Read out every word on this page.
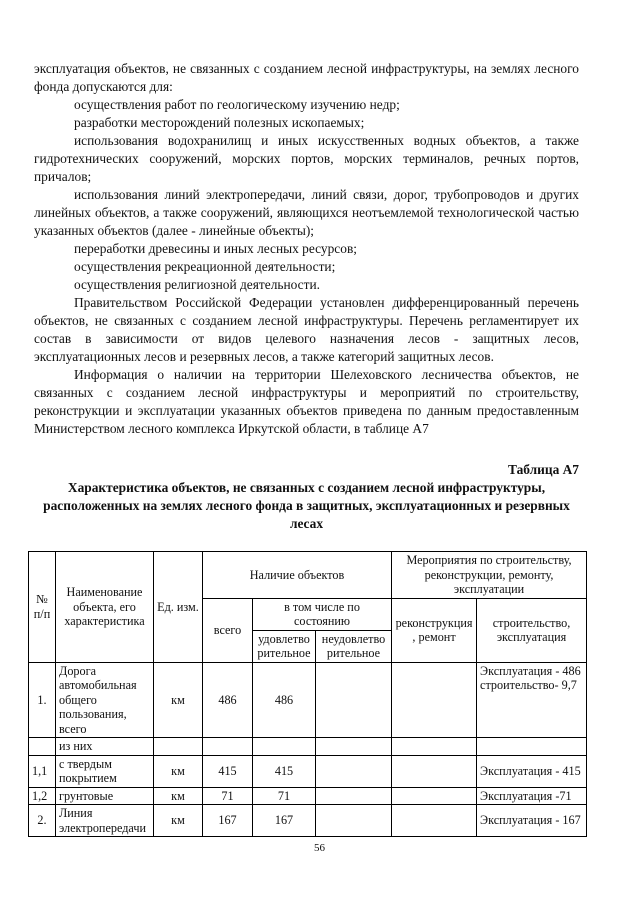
эксплуатация объектов, не связанных с созданием лесной инфраструктуры, на землях лесного фонда допускаются для:

осуществления работ по геологическому изучению недр;

разработки месторождений полезных ископаемых;

использования водохранилищ и иных искусственных водных объектов, а также гидротехнических сооружений, морских портов, морских терминалов, речных портов, причалов;

использования линий электропередачи, линий связи, дорог, трубопроводов и других линейных объектов, а также сооружений, являющихся неотъемлемой технологической частью указанных объектов (далее - линейные объекты);

переработки древесины и иных лесных ресурсов;

осуществления рекреационной деятельности;

осуществления религиозной деятельности.

Правительством Российской Федерации установлен дифференцированный перечень объектов, не связанных с созданием лесной инфраструктуры. Перечень регламентирует их состав в зависимости от видов целевого назначения лесов - защитных лесов, эксплуатационных лесов и резервных лесов, а также категорий защитных лесов.

Информация о наличии на территории Шелеховского лесничества объектов, не связанных с созданием лесной инфраструктуры и мероприятий по строительству, реконструкции и эксплуатации указанных объектов приведена по данным предоставленным Министерством лесного комплекса Иркутской области, в таблице А7

Таблица А7

Характеристика объектов, не связанных с созданием лесной инфраструктуры, расположенных на землях лесного фонда в защитных, эксплуатационных и резервных лесах

№ п/п	Наименование объекта, его характеристика	Ед. изм.	Наличие объектов			Мероприятия по строительству, реконструкции, ремонту, эксплуатации	
			всего	в том числе по состоянию		реконструкция , ремонт	строительство, эксплуатация
				удовлетво рительное	неудовлетво рительное		
1.	Дорога автомобильная общего пользования, всего	км	486	486			Эксплуатация - 486 строительство- 9,7
	из них						
1,1	с твердым покрытием	км	415	415			Эксплуатация - 415
1,2	грунтовые	км	71	71			Эксплуатация -71
2.	Линия электропередачи	км	167	167			Эксплуатация - 167
56
